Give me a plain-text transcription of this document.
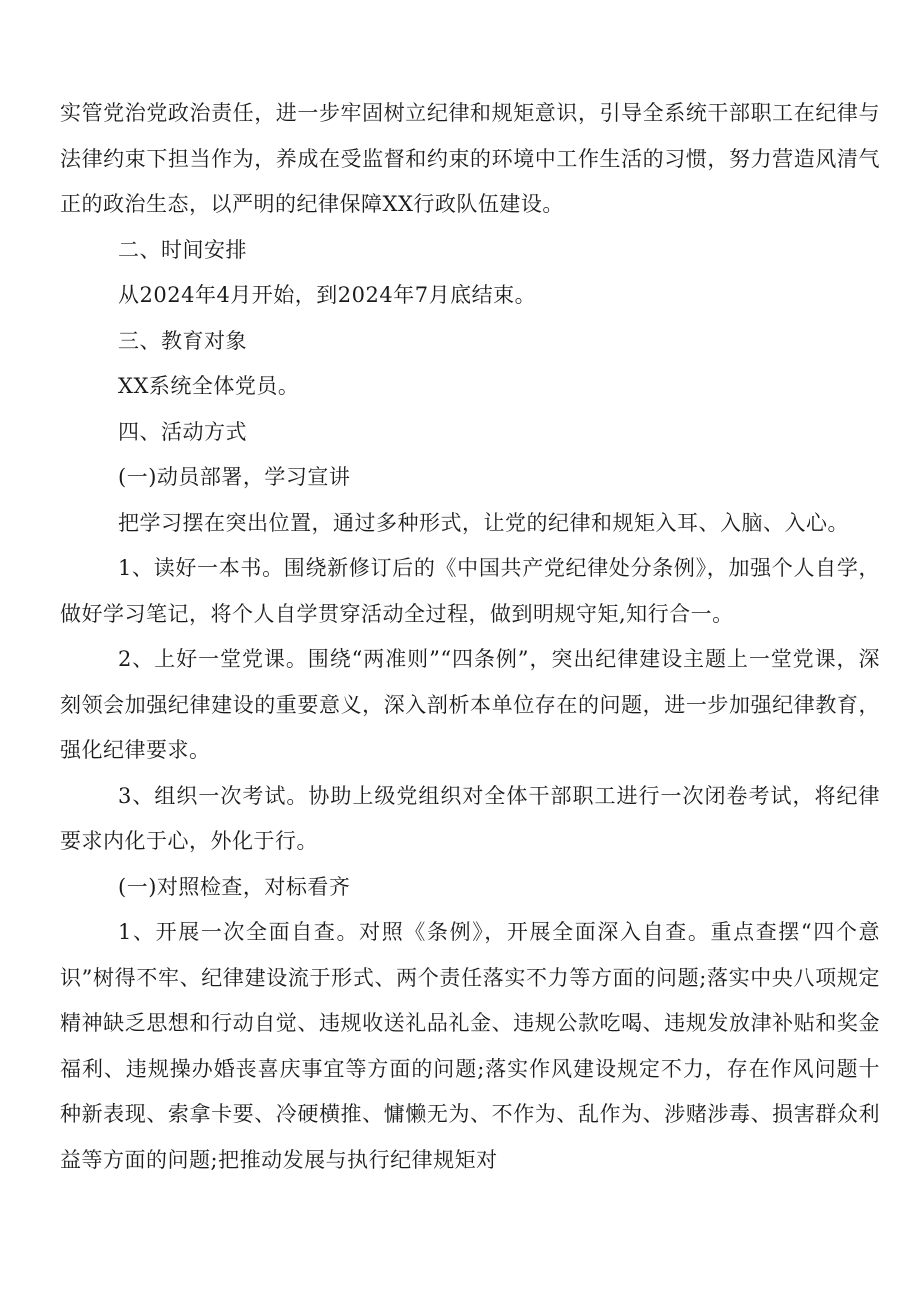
实管党治党政治责任，进一步牢固树立纪律和规矩意识，引导全系统干部职工在纪律与法律约束下担当作为，养成在受监督和约束的环境中工作生活的习惯，努力营造风清气正的政治生态，以严明的纪律保障XX行政队伍建设。

二、时间安排

从2024年4月开始，到2024年7月底结束。

三、教育对象

XX系统全体党员。

四、活动方式

(一)动员部署，学习宣讲

把学习摆在突出位置，通过多种形式，让党的纪律和规矩入耳、入脑、入心。

1、读好一本书。围绕新修订后的《中国共产党纪律处分条例》，加强个人自学，做好学习笔记，将个人自学贯穿活动全过程，做到明规守矩,知行合一。

2、上好一堂党课。围绕“两准则”“四条例”，突出纪律建设主题上一堂党课，深刻领会加强纪律建设的重要意义，深入剖析本单位存在的问题，进一步加强纪律教育，强化纪律要求。

3、组织一次考试。协助上级党组织对全体干部职工进行一次闭卷考试，将纪律要求内化于心，外化于行。

(一)对照检查，对标看齐

1、开展一次全面自查。对照《条例》，开展全面深入自查。重点查摆“四个意识”树得不牢、纪律建设流于形式、两个责任落实不力等方面的问题;落实中央八项规定精神缺乏思想和行动自觉、违规收送礼品礼金、违规公款吃喝、违规发放津补贴和奖金福利、违规操办婚丧喜庆事宜等方面的问题;落实作风建设规定不力，存在作风问题十种新表现、索拿卡要、冷硬横推、慵懒无为、不作为、乱作为、涉赌涉毒、损害群众利益等方面的问题;把推动发展与执行纪律规矩对
